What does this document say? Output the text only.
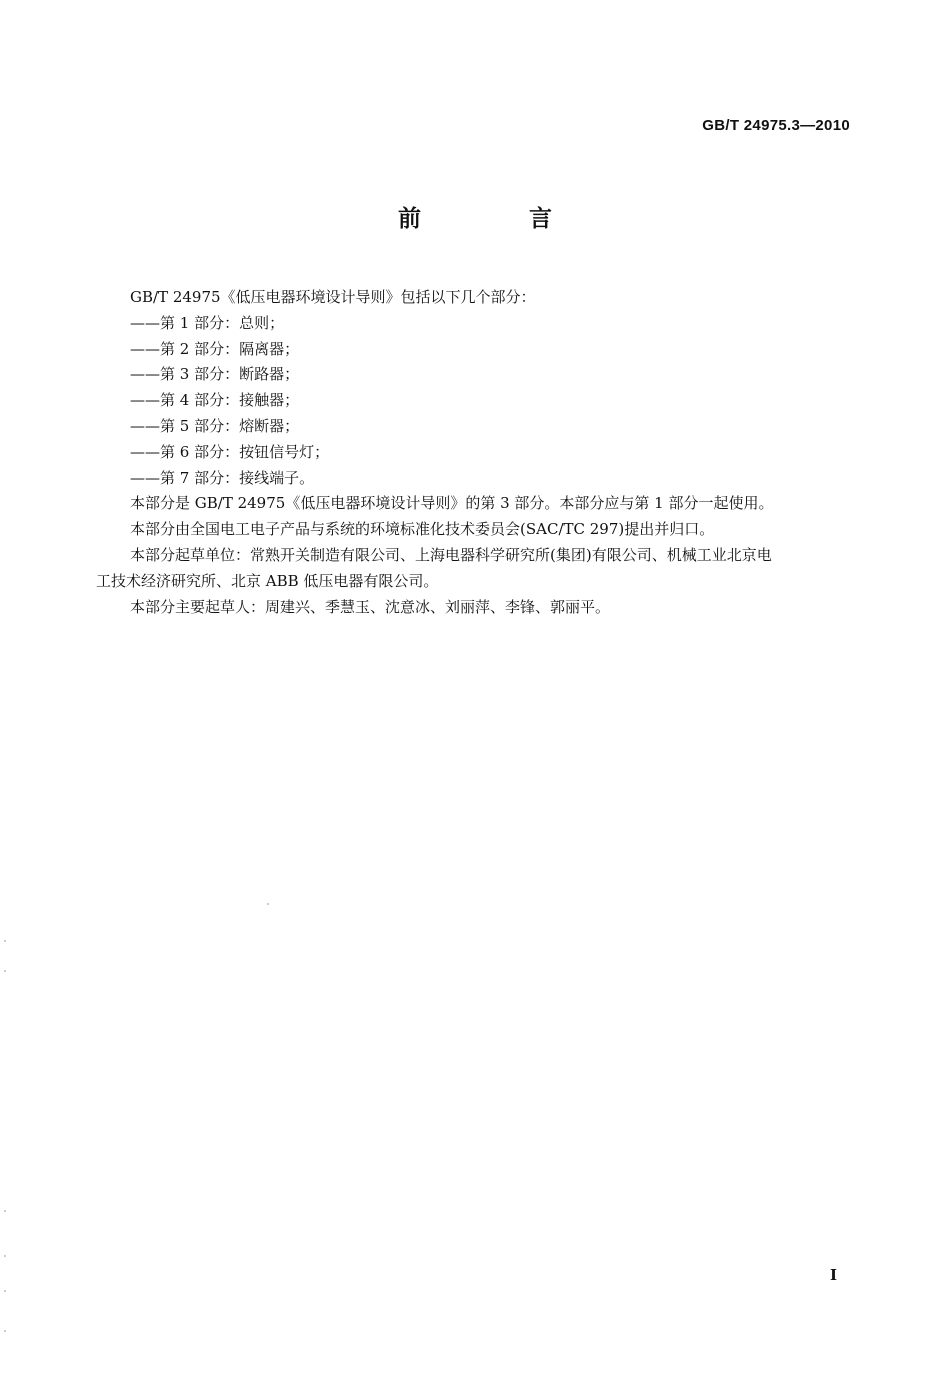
GB/T 24975.3—2010
前 言

GB/T 24975《低压电器环境设计导则》包括以下几个部分：

——第 1 部分：总则；

——第 2 部分：隔离器；

——第 3 部分：断路器；

——第 4 部分：接触器；

——第 5 部分：熔断器；

——第 6 部分：按钮信号灯；

——第 7 部分：接线端子。

本部分是 GB/T 24975《低压电器环境设计导则》的第 3 部分。本部分应与第 1 部分一起使用。

本部分由全国电工电子产品与系统的环境标准化技术委员会(SAC/TC 297)提出并归口。

本部分起草单位：常熟开关制造有限公司、上海电器科学研究所(集团)有限公司、机械工业北京电

工技术经济研究所、北京 ABB 低压电器有限公司。

本部分主要起草人：周建兴、季慧玉、沈意冰、刘丽萍、李锋、郭丽平。

I
